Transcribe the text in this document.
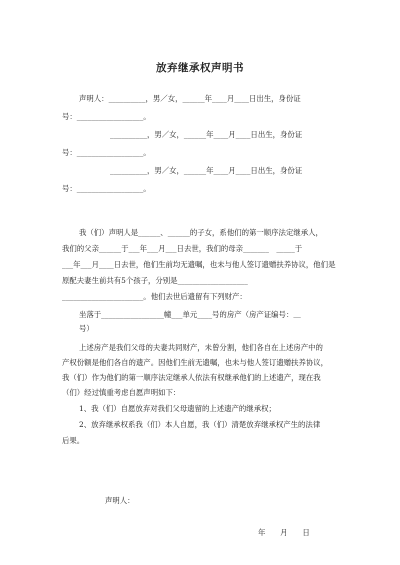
放弃继承权声明书
声明人：__________，男／女，______年____月____日出生，身份证
号：__________________。
__________，男／女，______年____月____日出生，身份证
号：__________________。
__________，男／女，______年____月____日出生，身份证
号：__________________。
我（们）声明人是______、______的子女，系他们的第一顺序法定继承人，
我们的父亲______于___年___月___日去世，我们的母亲_______　_____于
___年___月____日去世，他们生前均无遗嘱，也未与他人签订遗赠扶养协议，他们是
原配夫妻生前共有5个孩子，分别是___________________
______________________。他们去世后遗留有下列财产：
坐落于_________________幢___单元____号的房产（房产证编号：＿
号）
上述房产是我们父母的夫妻共同财产，未曾分割，他们各自在上述房产中的
产权份额是他们各自的遗产。因他们生前无遗嘱，也未与他人签订遗赠扶养协议，
我（们）作为他们的第一顺序法定继承人依法有权继承他们的上述遗产，现在我
（们）经过慎重考虑自愿声明如下：
1、我（们）自愿放弃对我们父母遗留的上述遗产的继承权；
2、放弃继承权系我（们）本人自愿，我（们）清楚放弃继承权产生的法律
后果。
声明人：
年　　月　　日
